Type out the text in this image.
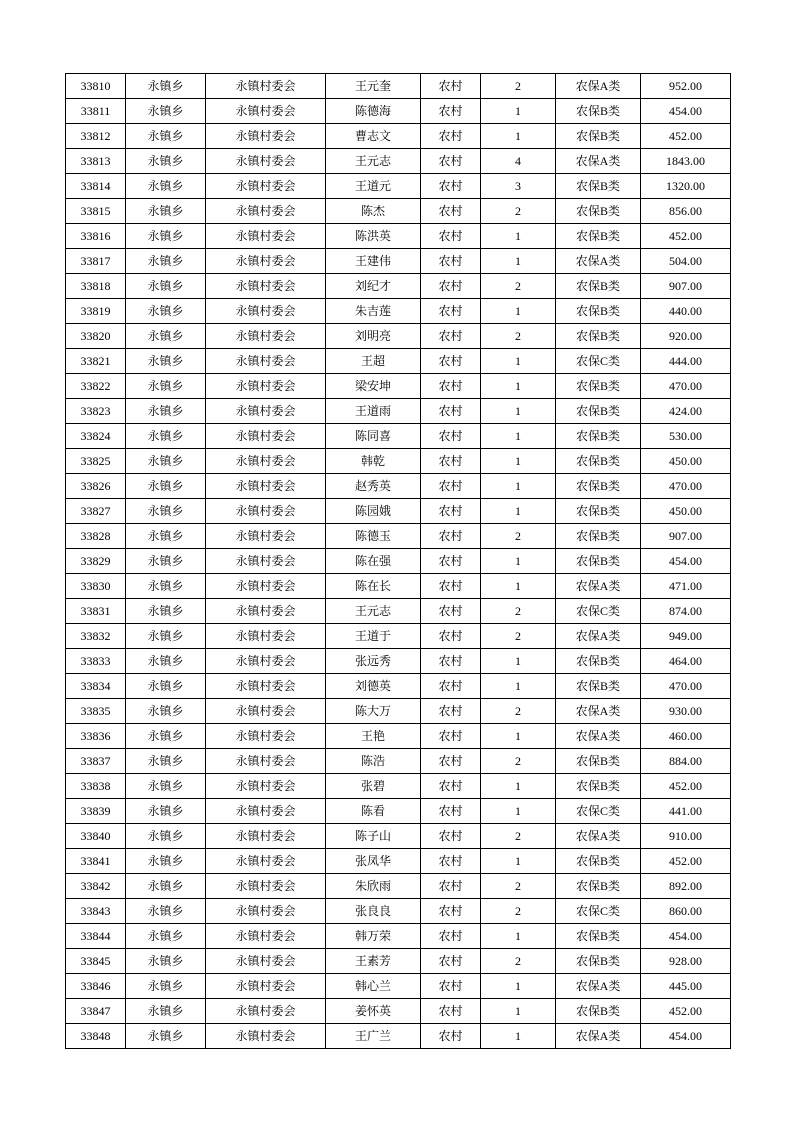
33810	永镇乡	永镇村委会	王元奎	农村	2	农保A类	952.00
33811	永镇乡	永镇村委会	陈德海	农村	1	农保B类	454.00
33812	永镇乡	永镇村委会	曹志文	农村	1	农保B类	452.00
33813	永镇乡	永镇村委会	王元志	农村	4	农保A类	1843.00
33814	永镇乡	永镇村委会	王道元	农村	3	农保B类	1320.00
33815	永镇乡	永镇村委会	陈杰	农村	2	农保B类	856.00
33816	永镇乡	永镇村委会	陈洪英	农村	1	农保B类	452.00
33817	永镇乡	永镇村委会	王建伟	农村	1	农保A类	504.00
33818	永镇乡	永镇村委会	刘纪才	农村	2	农保B类	907.00
33819	永镇乡	永镇村委会	朱吉莲	农村	1	农保B类	440.00
33820	永镇乡	永镇村委会	刘明亮	农村	2	农保B类	920.00
33821	永镇乡	永镇村委会	王超	农村	1	农保C类	444.00
33822	永镇乡	永镇村委会	梁安坤	农村	1	农保B类	470.00
33823	永镇乡	永镇村委会	王道雨	农村	1	农保B类	424.00
33824	永镇乡	永镇村委会	陈同喜	农村	1	农保B类	530.00
33825	永镇乡	永镇村委会	韩乾	农村	1	农保B类	450.00
33826	永镇乡	永镇村委会	赵秀英	农村	1	农保B类	470.00
33827	永镇乡	永镇村委会	陈园娥	农村	1	农保B类	450.00
33828	永镇乡	永镇村委会	陈德玉	农村	2	农保B类	907.00
33829	永镇乡	永镇村委会	陈在强	农村	1	农保B类	454.00
33830	永镇乡	永镇村委会	陈在长	农村	1	农保A类	471.00
33831	永镇乡	永镇村委会	王元志	农村	2	农保C类	874.00
33832	永镇乡	永镇村委会	王道于	农村	2	农保A类	949.00
33833	永镇乡	永镇村委会	张远秀	农村	1	农保B类	464.00
33834	永镇乡	永镇村委会	刘德英	农村	1	农保B类	470.00
33835	永镇乡	永镇村委会	陈大万	农村	2	农保A类	930.00
33836	永镇乡	永镇村委会	王艳	农村	1	农保A类	460.00
33837	永镇乡	永镇村委会	陈浩	农村	2	农保B类	884.00
33838	永镇乡	永镇村委会	张碧	农村	1	农保B类	452.00
33839	永镇乡	永镇村委会	陈看	农村	1	农保C类	441.00
33840	永镇乡	永镇村委会	陈子山	农村	2	农保A类	910.00
33841	永镇乡	永镇村委会	张凤华	农村	1	农保B类	452.00
33842	永镇乡	永镇村委会	朱欣雨	农村	2	农保B类	892.00
33843	永镇乡	永镇村委会	张良良	农村	2	农保C类	860.00
33844	永镇乡	永镇村委会	韩万荣	农村	1	农保B类	454.00
33845	永镇乡	永镇村委会	王素芳	农村	2	农保B类	928.00
33846	永镇乡	永镇村委会	韩心兰	农村	1	农保A类	445.00
33847	永镇乡	永镇村委会	姜怀英	农村	1	农保B类	452.00
33848	永镇乡	永镇村委会	王广兰	农村	1	农保A类	454.00
